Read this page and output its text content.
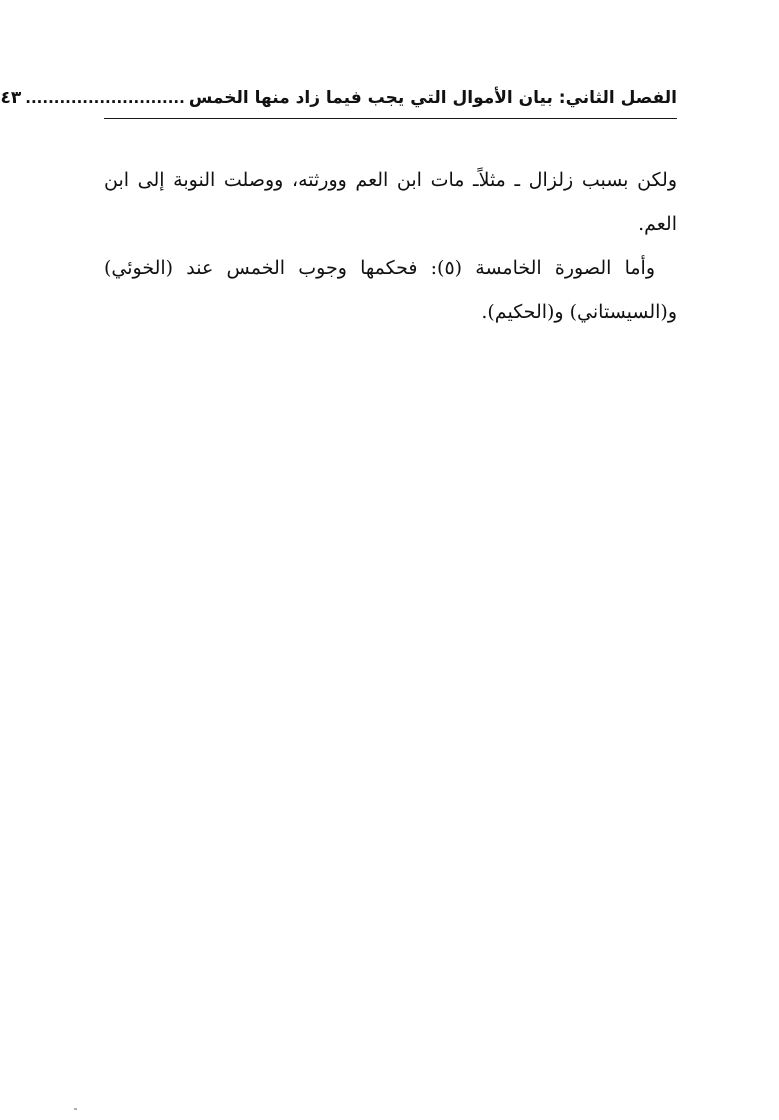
الفصل الثاني: بيان الأموال التي يجب فيما زاد منها الخمس
............................
٤٣

ولكن بسبب زلزال ـ مثلاًـ مات ابن العم وورثته، ووصلت النوبة إلى ابن العم.

وأما الصورة الخامسة (٥): فحكمها وجوب الخمس عند (الخوئي) و(السيستاني) و(الحكيم).
